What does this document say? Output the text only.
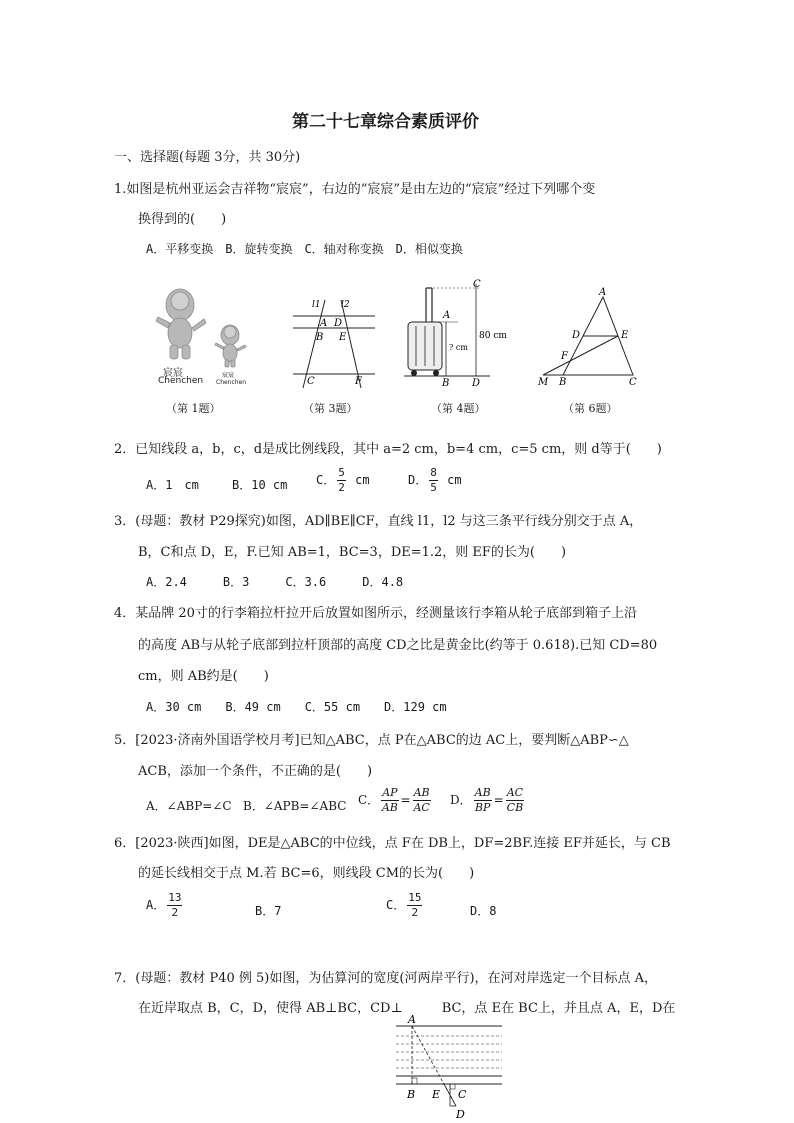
第二十七章综合素质评价
一、选择题(每题 3分，共 30分)
1.如图是杭州亚运会吉祥物“宸宸”，右边的“宸宸”是由左边的“宸宸”经过下列哪个变
换得到的(　　)
A．平移变换　B．旋转变换　C．轴对称变换　D．相似变换
宸宸
Chenchen
宸宸
Chenchen
（第 1题）
l1 l2
A D
B E
C	F
（第 3题）
C
A
? cm
80 cm
B D
（第 4题）
A
D	E
F
M B	C
（第 6题）
2．已知线段 a，b，c，d是成比例线段，其中 a=2 cm，b=4 cm，c=5 cm，则 d等于(　　)
A．1　cm	B．10 cm C． $\frac{5}{2}$ cm	D． $\frac{8}{5}$ cm
3．(母题：教材 P29探究)如图，AD∥BE∥CF，直线 l1，l2 与这三条平行线分别交于点 A，
B，C和点 D，E，F.已知 AB=1，BC=3，DE=1.2，则 EF的长为(　　)
A．2.4　　　B．3　　　C．3.6　　　D．4.8
4．某品牌 20寸的行李箱拉杆拉开后放置如图所示，经测量该行李箱从轮子底部到箱子上沿
的高度 AB与从轮子底部到拉杆顶部的高度 CD之比是黄金比(约等于 0.618).已知 CD=80
cm，则 AB约是(　　)
A．30 cm　　B．49 cm　　C．55 cm　　D．129 cm
5．[2023·济南外国语学校月考]已知△ABC，点 P在△ABC的边 AC上，要判断△ABP∽△
ACB，添加一个条件，不正确的是(　　)
A．∠ABP=∠C B．∠APB=∠ABC C． $\frac{AP}{AB} = \frac{AB}{AC}$ D． $\frac{AB}{BP} = \frac{AC}{CB}$
6．[2023·陕西]如图，DE是△ABC的中位线，点 F在 DB上，DF=2BF.连接 EF并延长，与 CB
的延长线相交于点 M.若 BC=6，则线段 CM的长为(　　)
A． $\frac{13}{2}$	B．7	C． $\frac{15}{2}$	D．8
7．(母题：教材 P40 例 5)如图，为估算河的宽度(河两岸平行)，在河对岸选定一个目标点 A，
在近岸取点 B，C，D，使得 AB⊥BC，CD⊥　　　BC，点 E在 BC上，并且点 A，E，D在
A
B E C
D
